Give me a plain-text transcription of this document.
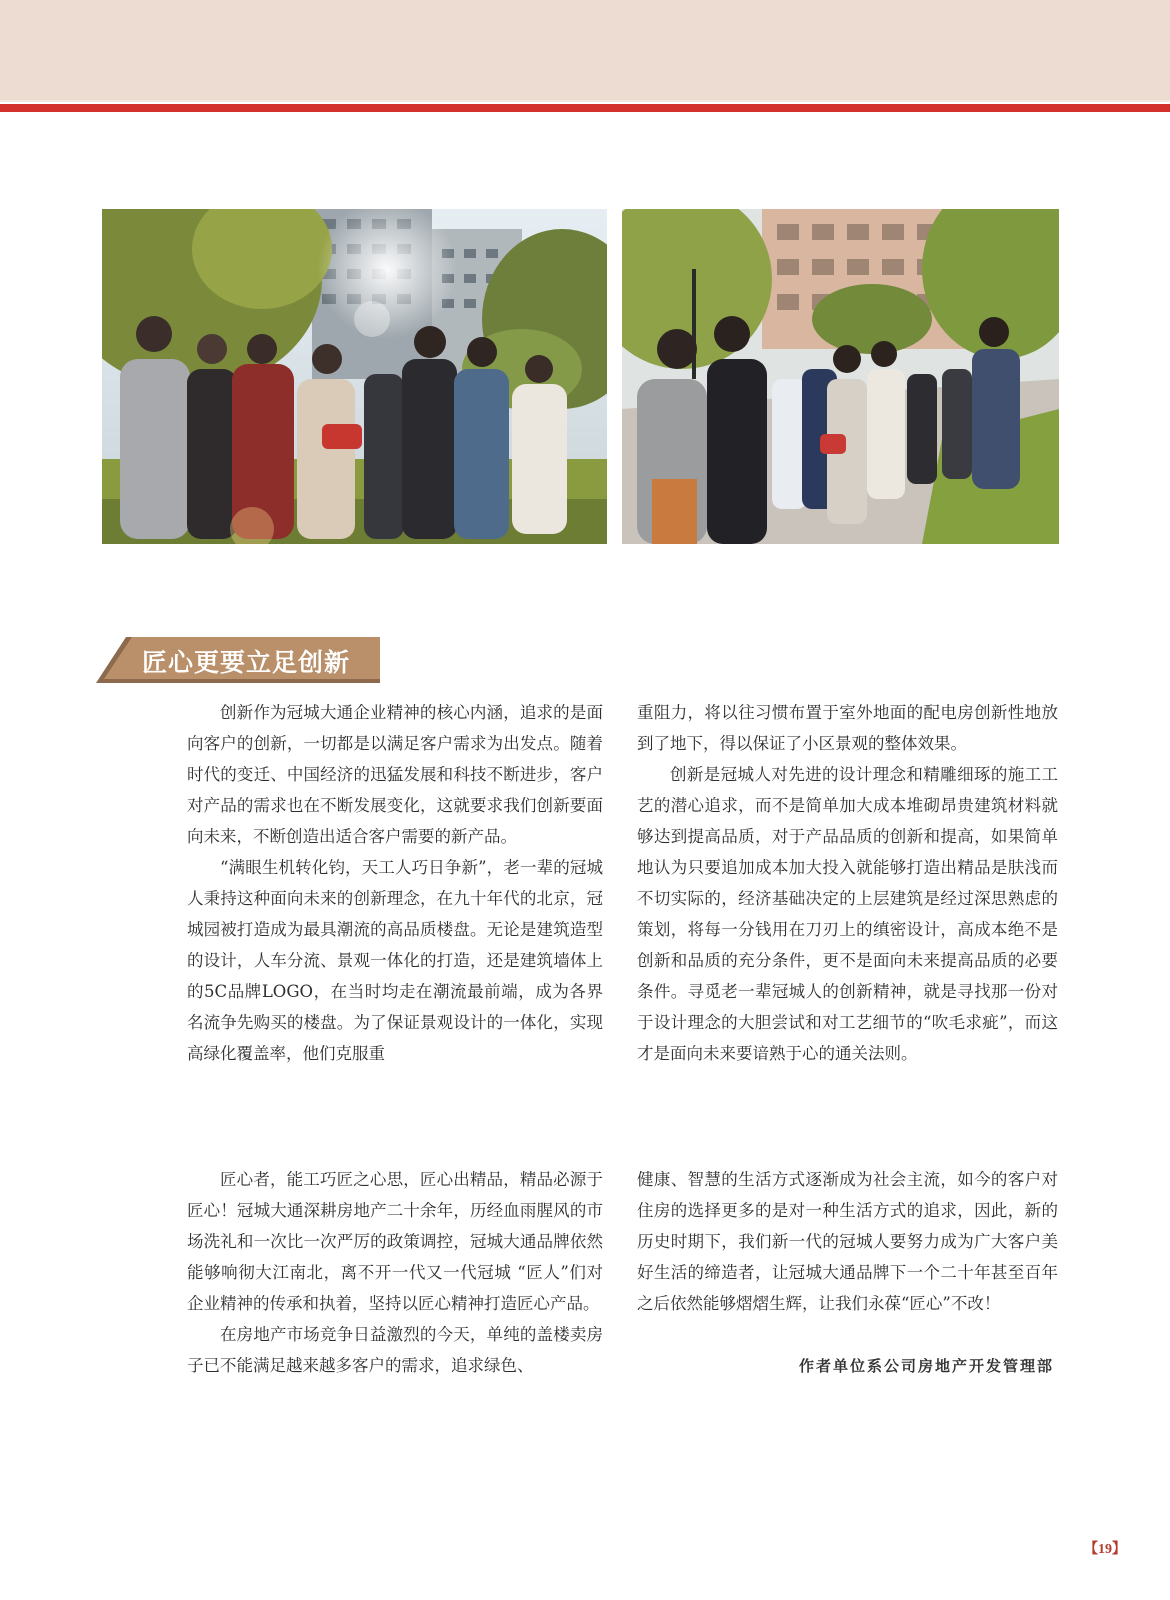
匠心更要立足创新

创新作为冠城大通企业精神的核心内涵，追求的是面向客户的创新，一切都是以满足客户需求为出发点。随着时代的变迁、中国经济的迅猛发展和科技不断进步，客户对产品的需求也在不断发展变化，这就要求我们创新要面向未来，不断创造出适合客户需要的新产品。

“满眼生机转化钧，天工人巧日争新”，老一辈的冠城人秉持这种面向未来的创新理念，在九十年代的北京，冠城园被打造成为最具潮流的高品质楼盘。无论是建筑造型的设计，人车分流、景观一体化的打造，还是建筑墙体上的5C品牌LOGO，在当时均走在潮流最前端，成为各界名流争先购买的楼盘。为了保证景观设计的一体化，实现高绿化覆盖率，他们克服重

重阻力，将以往习惯布置于室外地面的配电房创新性地放到了地下，得以保证了小区景观的整体效果。

创新是冠城人对先进的设计理念和精雕细琢的施工工艺的潜心追求，而不是简单加大成本堆砌昂贵建筑材料就够达到提高品质，对于产品品质的创新和提高，如果简单地认为只要追加成本加大投入就能够打造出精品是肤浅而不切实际的，经济基础决定的上层建筑是经过深思熟虑的策划，将每一分钱用在刀刃上的缜密设计，高成本绝不是创新和品质的充分条件，更不是面向未来提高品质的必要条件。寻觅老一辈冠城人的创新精神，就是寻找那一份对于设计理念的大胆尝试和对工艺细节的“吹毛求疵”，而这才是面向未来要谙熟于心的通关法则。

匠心者，能工巧匠之心思，匠心出精品，精品必源于匠心！冠城大通深耕房地产二十余年，历经血雨腥风的市场洗礼和一次比一次严厉的政策调控，冠城大通品牌依然能够响彻大江南北，离不开一代又一代冠城 “匠人”们对企业精神的传承和执着，坚持以匠心精神打造匠心产品。

在房地产市场竞争日益激烈的今天，单纯的盖楼卖房子已不能满足越来越多客户的需求，追求绿色、

健康、智慧的生活方式逐渐成为社会主流，如今的客户对住房的选择更多的是对一种生活方式的追求，因此，新的历史时期下，我们新一代的冠城人要努力成为广大客户美好生活的缔造者，让冠城大通品牌下一个二十年甚至百年之后依然能够熠熠生辉，让我们永葆“匠心”不改！

作者单位系公司房地产开发管理部
【19】
